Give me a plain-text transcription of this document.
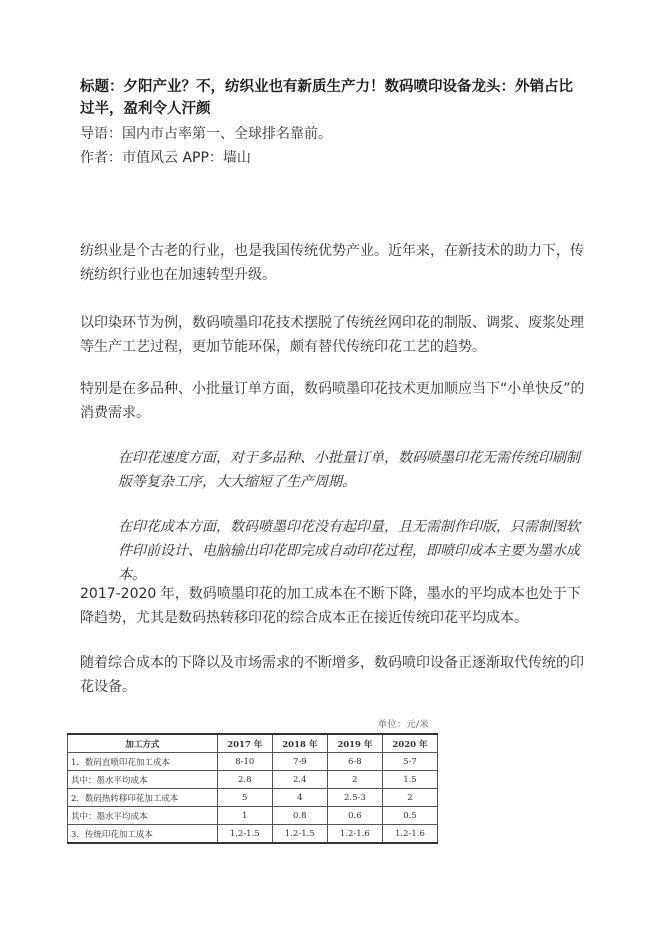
标题：夕阳产业？不，纺织业也有新质生产力！数码喷印设备龙头：外销占比过半，盈利令人汗颜
导语：国内市占率第一、全球排名靠前。
作者：市值风云 APP：墙山
纺织业是个古老的行业，也是我国传统优势产业。近年来，在新技术的助力下，传统纺织行业也在加速转型升级。
以印染环节为例，数码喷墨印花技术摆脱了传统丝网印花的制版、调浆、废浆处理等生产工艺过程，更加节能环保，颇有替代传统印花工艺的趋势。
特别是在多品种、小批量订单方面，数码喷墨印花技术更加顺应当下“小单快反”的消费需求。
在印花速度方面，对于多品种、小批量订单，数码喷墨印花无需传统印刷制版等复杂工序，大大缩短了生产周期。
在印花成本方面，数码喷墨印花没有起印量，且无需制作印版，只需制图软件印前设计、电脑输出印花即完成自动印花过程，即喷印成本主要为墨水成本。
2017-2020 年，数码喷墨印花的加工成本在不断下降，墨水的平均成本也处于下降趋势，尤其是数码热转移印花的综合成本正在接近传统印花平均成本。
随着综合成本的下降以及市场需求的不断增多，数码喷印设备正逐渐取代传统的印花设备。
单位：元/米
加工方式	2017 年	2018 年	2019 年	2020 年
1．数码直喷印花加工成本	8-10	7-9	6-8	5-7
其中：墨水平均成本	2.8	2.4	2	1.5
2．数码热转移印花加工成本	5	4	2.5-3	2
其中：墨水平均成本	1	0.8	0.6	0.5
3．传统印花加工成本	1.2-1.5	1.2-1.5	1.2-1.6	1.2-1.6
